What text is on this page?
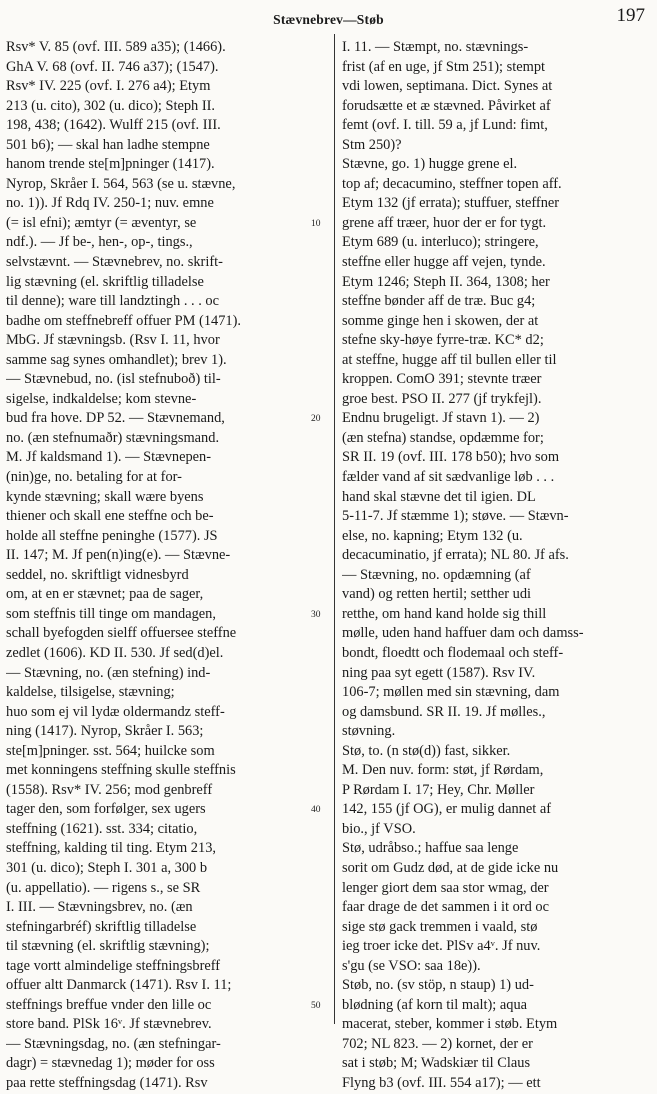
Stævnebrev—Støb	197
Rsv* V. 85 (ovf. III. 589 a35); (1466).
GhA V. 68 (ovf. II. 746 a37); (1547).
Rsv* IV. 225 (ovf. I. 276 a4); Etym
213 (u. cito), 302 (u. dico); Steph II.
198, 438; (1642). Wulff 215 (ovf. III.
501 b6); — skal han ladhe stempne
hanom trende ste[m]pninger (1417).
Nyrop, Skråer I. 564, 563 (se u. stævne,
no. 1)). Jf Rdq IV. 250-1; nuv. emne
(= isl efni); æmtyr (= æventyr, se
ndf.). — Jf be-, hen-, op-, tings.,
selvstævnt. — Stævnebrev, no. skrift-
lig stævning (el. skriftlig tilladelse
til denne); ware till landztingh . . . oc
badhe om steffnebreff offuer PM (1471).
MbG. Jf stævningsb. (Rsv I. 11, hvor
samme sag synes omhandlet); brev 1).
— Stævnebud, no. (isl stefnuboð) til-
sigelse, indkaldelse; kom stevne-
bud fra hove. DP 52. — Stævnemand,
no. (æn stefnumaðr) stævningsmand.
M. Jf kaldsmand 1). — Stævnepen-
(nin)ge, no. betaling for at for-
kynde stævning; skall wære byens
thiener och skall ene steffne och be-
holde all steffne peninghe (1577). JS
II. 147; M. Jf pen(n)ing(e). — Stævne-
seddel, no. skriftligt vidnesbyrd
om, at en er stævnet; paa de sager,
som steffnis till tinge om mandagen,
schall byefogden sielff offuersee steffne
zedlet (1606). KD II. 530. Jf sed(d)el.
— Stævning, no. (æn stefning) ind-
kaldelse, tilsigelse, stævning;
huo som ej vil lydæ oldermandz steff-
ning (1417). Nyrop, Skråer I. 563;
ste[m]pninger. sst. 564; huilcke som
met konningens steffning skulle steffnis
(1558). Rsv* IV. 256; mod genbreff
tager den, som forfølger, sex ugers
steffning (1621). sst. 334; citatio,
steffning, kalding til ting. Etym 213,
301 (u. dico); Steph I. 301 a, 300 b
(u. appellatio). — rigens s., se SR
I. III. — Stævningsbrev, no. (æn
stefningarbréf) skriftlig tilladelse
til stævning (el. skriftlig stævning);
tage vortt almindelige steffningsbreff
offuer altt Danmarck (1471). Rsv I. 11;
steffnings breffue vnder den lille oc
store band. PlSk 16ᵛ. Jf stævnebrev.
— Stævningsdag, no. (æn stefningar-
dagr) = stævnedag 1); møder for oss
paa rette steffningsdag (1471). Rsv
I. 11. — Stæmpt, no. stævnings-
frist (af en uge, jf Stm 251); stempt
vdi lowen, septimana. Dict. Synes at
forudsætte et æ stævned. Påvirket af
femt (ovf. I. till. 59 a, jf Lund: fimt,
Stm 250)?
Stævne, go. 1) hugge grene el.
top af; decacumino, steffner topen aff.
Etym 132 (jf errata); stuffuer, steffner
grene aff træer, huor der er for tygt.
Etym 689 (u. interluco); stringere,
steffne eller hugge aff vejen, tynde.
Etym 1246; Steph II. 364, 1308; her
steffne bønder aff de træ. Buc g4;
somme ginge hen i skowen, der at
stefne sky-høye fyrre-træ. KC* d2;
at steffne, hugge aff til bullen eller til
kroppen. ComO 391; stevnte træer
groe best. PSO II. 277 (jf trykfejl).
Endnu brugeligt. Jf stavn 1). — 2)
(æn stefna) standse, opdæmme for;
SR II. 19 (ovf. III. 178 b50); hvo som
fælder vand af sit sædvanlige løb . . .
hand skal stævne det til igien. DL
5-11-7. Jf stæmme 1); støve. — Stævn-
else, no. kapning; Etym 132 (u.
decacuminatio, jf errata); NL 80. Jf afs.
— Stævning, no. opdæmning (af
vand) og retten hertil; setther udi
retthe, om hand kand holde sig thill
mølle, uden hand haffuer dam och damss-
bondt, floedtt och flodemaal och steff-
ning paa syt egett (1587). Rsv IV.
106-7; møllen med sin stævning, dam
og damsbund. SR II. 19. Jf mølles.,
støvning.
Stø, to. (n stø(d)) fast, sikker.
M. Den nuv. form: støt, jf Rørdam,
P Rørdam I. 17; Hey, Chr. Møller
142, 155 (jf OG), er mulig dannet af
bio., jf VSO.
Stø, udråbso.; haffue saa lenge
sorit om Gudz død, at de gide icke nu
lenger giort dem saa stor wmag, der
faar drage de det sammen i it ord oc
sige stø gack tremmen i vaald, stø
ieg troer icke det. PlSv a4ᵛ. Jf nuv.
s'gu (se VSO: saa 18e)).
Støb, no. (sv stöp, n staup) 1) ud-
blødning (af korn til malt); aqua
macerat, steber, kommer i støb. Etym
702; NL 823. — 2) kornet, der er
sat i støb; M; Wadskiær til Claus
Flyng b3 (ovf. III. 554 a17); — ett
10
20
30
40
50
